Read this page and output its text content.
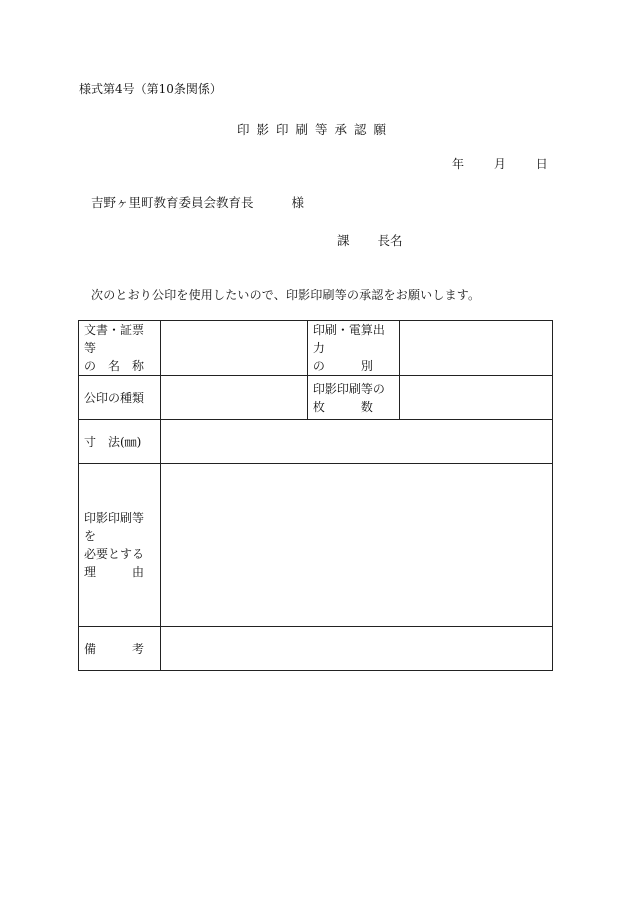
様式第4号（第10条関係）
印影印刷等承認願
年 月 日
吉野ヶ里町教育委員会教育長	様
課 長名
次のとおり公印を使用したいので、印影印刷等の承認をお願いします。
文書・証票等
の　名　称		印刷・電算出力
の　　　別	

公印の種類		印影印刷等の
枚　　　数	

寸　法(㎜)			

印影印刷等を
必要とする
理　　　由			

備　　　考			
